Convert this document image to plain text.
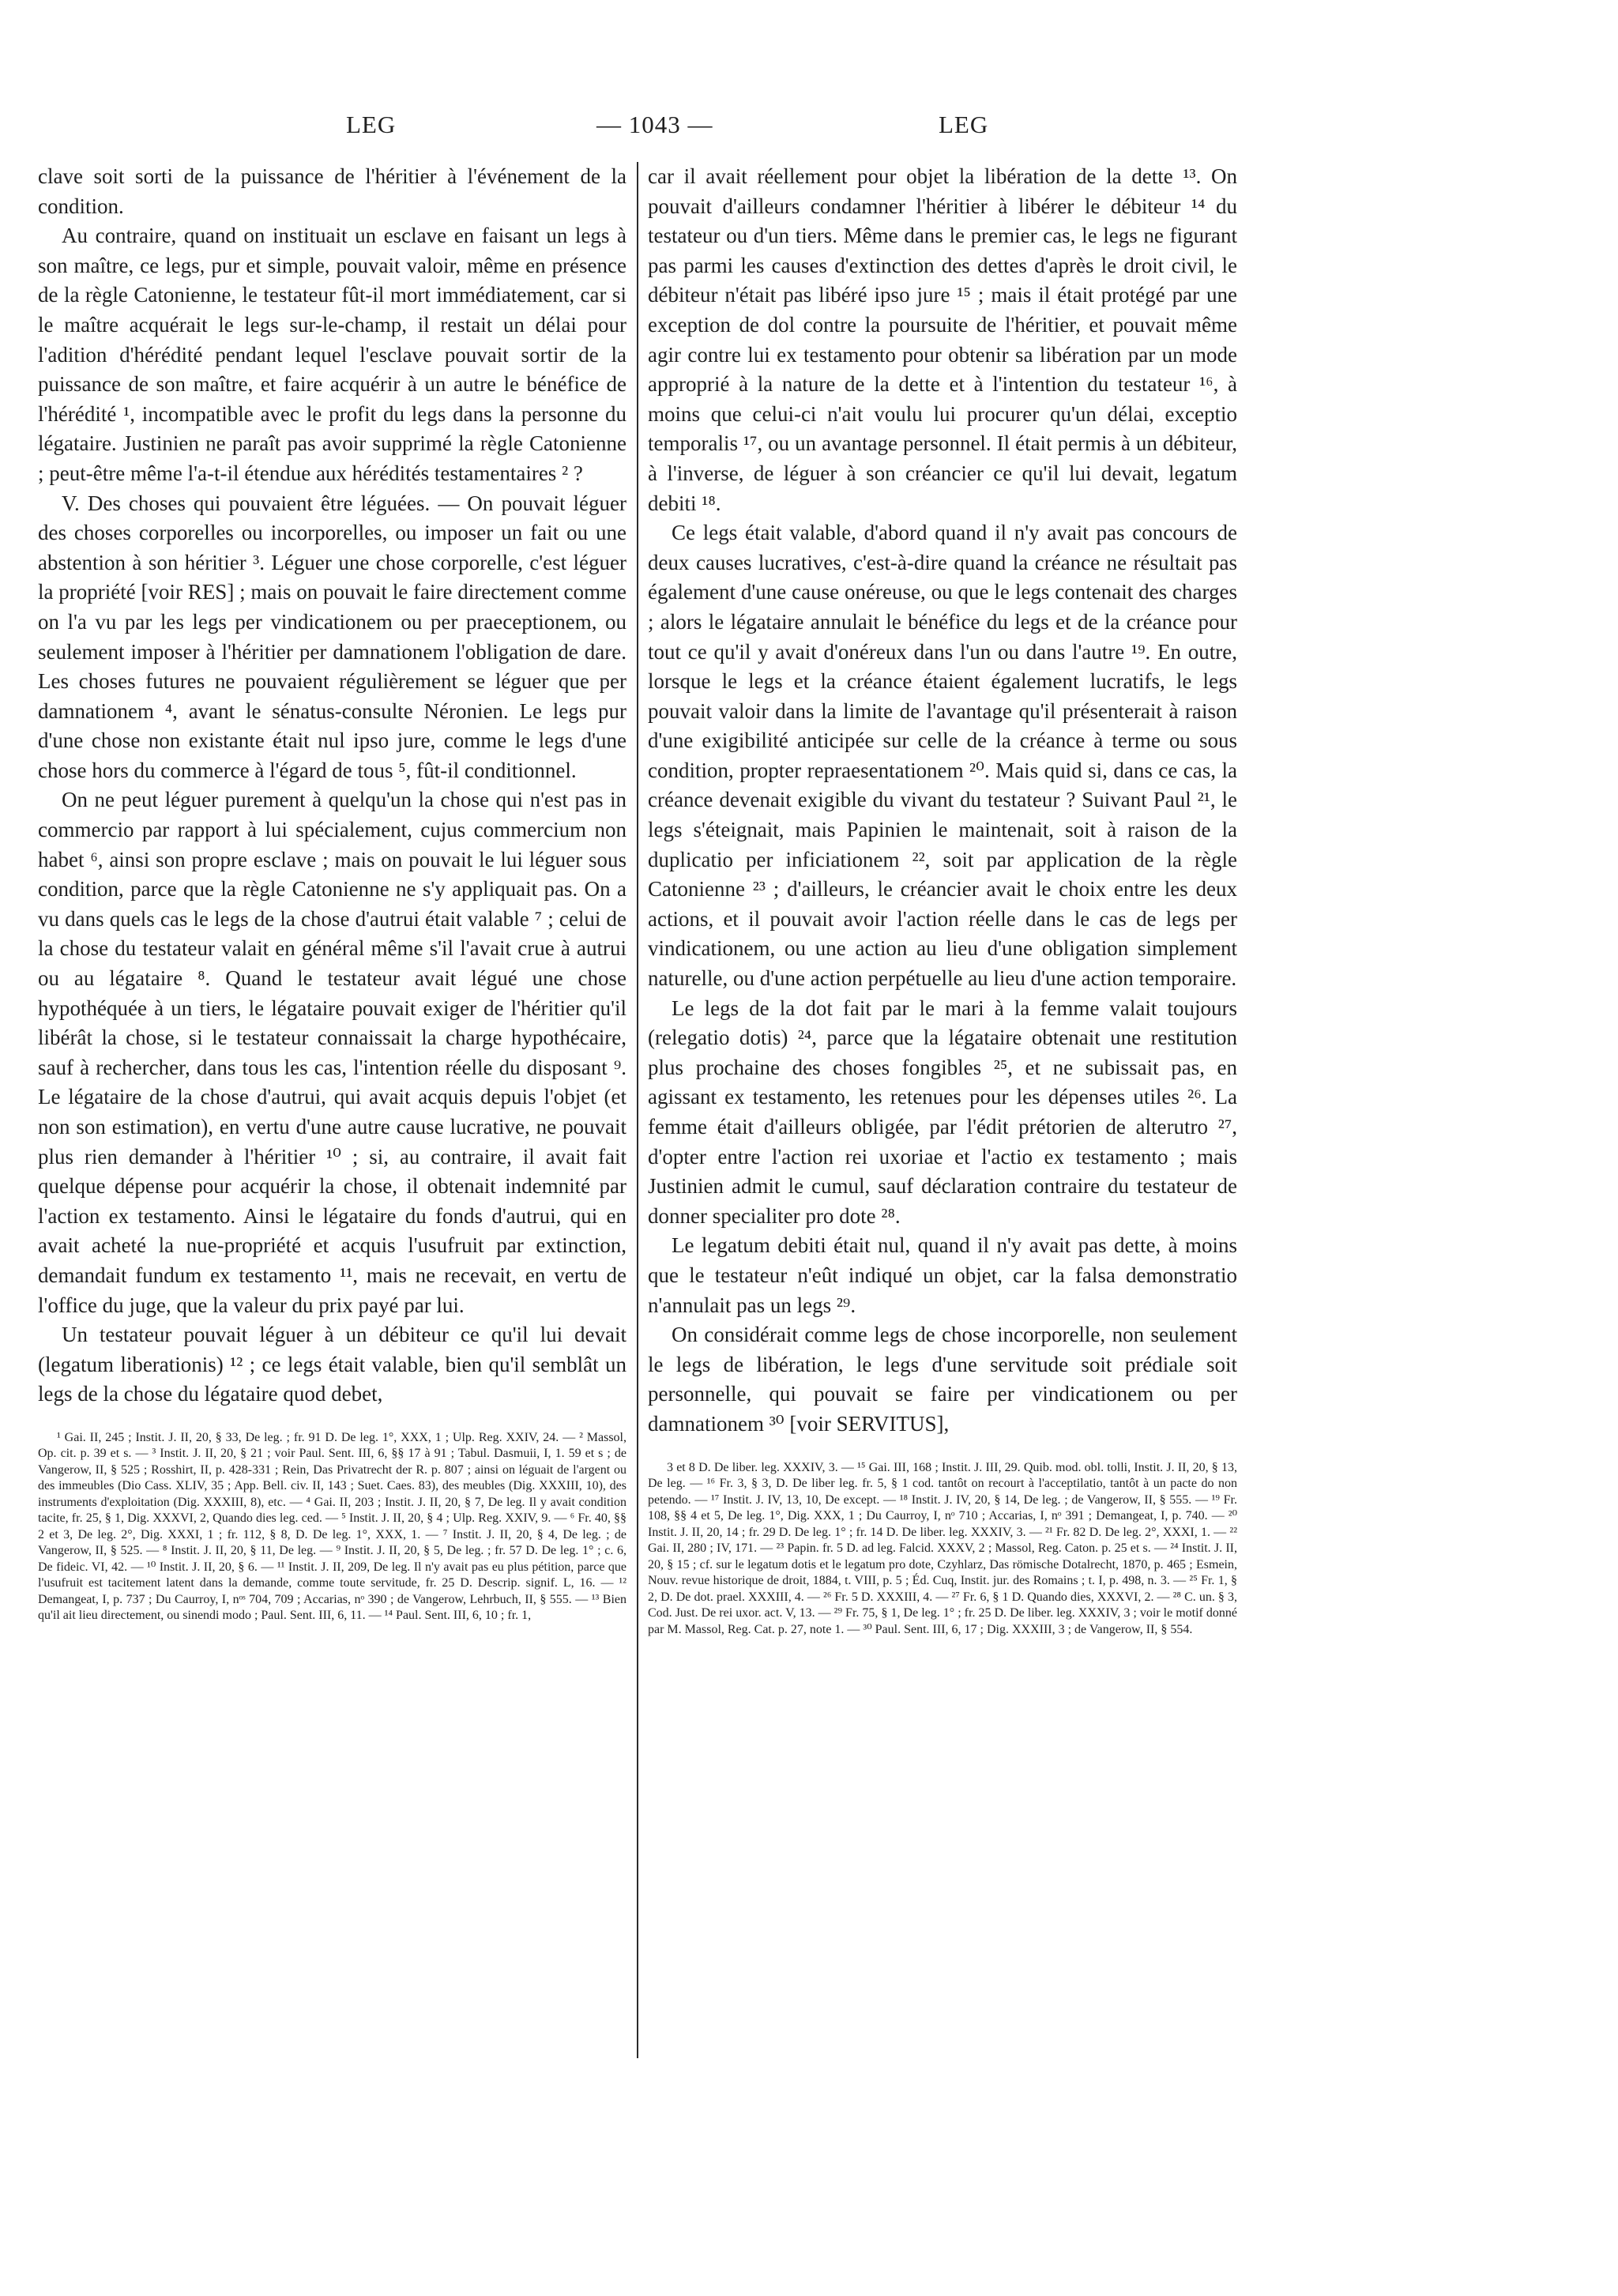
LEG	— 1043 —	LEG

clave soit sorti de la puissance de l'héritier à l'événement de la condition.

Au contraire, quand on instituait un esclave en faisant un legs à son maître, ce legs, pur et simple, pouvait valoir, même en présence de la règle Catonienne, le testateur fût-il mort immédiatement, car si le maître acquérait le legs sur-le-champ, il restait un délai pour l'adition d'hérédité pendant lequel l'esclave pouvait sortir de la puissance de son maître, et faire acquérir à un autre le bénéfice de l'hérédité ¹, incompatible avec le profit du legs dans la personne du légataire. Justinien ne paraît pas avoir supprimé la règle Catonienne ; peut-être même l'a-t-il étendue aux hérédités testamentaires ² ?

V. Des choses qui pouvaient être léguées. — On pouvait léguer des choses corporelles ou incorporelles, ou imposer un fait ou une abstention à son héritier ³. Léguer une chose corporelle, c'est léguer la propriété [voir RES] ; mais on pouvait le faire directement comme on l'a vu par les legs per vindicationem ou per praeceptionem, ou seulement imposer à l'héritier per damnationem l'obligation de dare. Les choses futures ne pouvaient régulièrement se léguer que per damnationem ⁴, avant le sénatus-consulte Néronien. Le legs pur d'une chose non existante était nul ipso jure, comme le legs d'une chose hors du commerce à l'égard de tous ⁵, fût-il conditionnel.

On ne peut léguer purement à quelqu'un la chose qui n'est pas in commercio par rapport à lui spécialement, cujus commercium non habet ⁶, ainsi son propre esclave ; mais on pouvait le lui léguer sous condition, parce que la règle Catonienne ne s'y appliquait pas. On a vu dans quels cas le legs de la chose d'autrui était valable ⁷ ; celui de la chose du testateur valait en général même s'il l'avait crue à autrui ou au légataire ⁸. Quand le testateur avait légué une chose hypothéquée à un tiers, le légataire pouvait exiger de l'héritier qu'il libérât la chose, si le testateur connaissait la charge hypothécaire, sauf à rechercher, dans tous les cas, l'intention réelle du disposant ⁹. Le légataire de la chose d'autrui, qui avait acquis depuis l'objet (et non son estimation), en vertu d'une autre cause lucrative, ne pouvait plus rien demander à l'héritier ¹⁰ ; si, au contraire, il avait fait quelque dépense pour acquérir la chose, il obtenait indemnité par l'action ex testamento. Ainsi le légataire du fonds d'autrui, qui en avait acheté la nue-propriété et acquis l'usufruit par extinction, demandait fundum ex testamento ¹¹, mais ne recevait, en vertu de l'office du juge, que la valeur du prix payé par lui.

Un testateur pouvait léguer à un débiteur ce qu'il lui devait (legatum liberationis) ¹² ; ce legs était valable, bien qu'il semblât un legs de la chose du légataire quod debet,

¹ Gai. II, 245 ; Instit. J. II, 20, § 33, De leg. ; fr. 91 D. De leg. 1°, XXX, 1 ; Ulp. Reg. XXIV, 24. — ² Massol, Op. cit. p. 39 et s. — ³ Instit. J. II, 20, § 21 ; voir Paul. Sent. III, 6, §§ 17 à 91 ; Tabul. Dasmuii, I, 1. 59 et s ; de Vangerow, II, § 525 ; Rosshirt, II, p. 428-331 ; Rein, Das Privatrecht der R. p. 807 ; ainsi on léguait de l'argent ou des immeubles (Dio Cass. XLIV, 35 ; App. Bell. civ. II, 143 ; Suet. Caes. 83), des meubles (Dig. XXXIII, 10), des instruments d'exploitation (Dig. XXXIII, 8), etc. — ⁴ Gai. II, 203 ; Instit. J. II, 20, § 7, De leg. Il y avait condition tacite, fr. 25, § 1, Dig. XXXVI, 2, Quando dies leg. ced. — ⁵ Instit. J. II, 20, § 4 ; Ulp. Reg. XXIV, 9. — ⁶ Fr. 40, §§ 2 et 3, De leg. 2°, Dig. XXXI, 1 ; fr. 112, § 8, D. De leg. 1°, XXX, 1. — ⁷ Instit. J. II, 20, § 4, De leg. ; de Vangerow, II, § 525. — ⁸ Instit. J. II, 20, § 11, De leg. — ⁹ Instit. J. II, 20, § 5, De leg. ; fr. 57 D. De leg. 1° ; c. 6, De fideic. VI, 42. — ¹⁰ Instit. J. II, 20, § 6. — ¹¹ Instit. J. II, 209, De leg. Il n'y avait pas eu plus pétition, parce que l'usufruit est tacitement latent dans la demande, comme toute servitude, fr. 25 D. Descrip. signif. L, 16. — ¹² Demangeat, I, p. 737 ; Du Caurroy, I, nᵒˢ 704, 709 ; Accarias, nᵒ 390 ; de Vangerow, Lehrbuch, II, § 555. — ¹³ Bien qu'il ait lieu directement, ou sinendi modo ; Paul. Sent. III, 6, 11. — ¹⁴ Paul. Sent. III, 6, 10 ; fr. 1,

car il avait réellement pour objet la libération de la dette ¹³. On pouvait d'ailleurs condamner l'héritier à libérer le débiteur ¹⁴ du testateur ou d'un tiers. Même dans le premier cas, le legs ne figurant pas parmi les causes d'extinction des dettes d'après le droit civil, le débiteur n'était pas libéré ipso jure ¹⁵ ; mais il était protégé par une exception de dol contre la poursuite de l'héritier, et pouvait même agir contre lui ex testamento pour obtenir sa libération par un mode approprié à la nature de la dette et à l'intention du testateur ¹⁶, à moins que celui-ci n'ait voulu lui procurer qu'un délai, exceptio temporalis ¹⁷, ou un avantage personnel. Il était permis à un débiteur, à l'inverse, de léguer à son créancier ce qu'il lui devait, legatum debiti ¹⁸.

Ce legs était valable, d'abord quand il n'y avait pas concours de deux causes lucratives, c'est-à-dire quand la créance ne résultait pas également d'une cause onéreuse, ou que le legs contenait des charges ; alors le légataire annulait le bénéfice du legs et de la créance pour tout ce qu'il y avait d'onéreux dans l'un ou dans l'autre ¹⁹. En outre, lorsque le legs et la créance étaient également lucratifs, le legs pouvait valoir dans la limite de l'avantage qu'il présenterait à raison d'une exigibilité anticipée sur celle de la créance à terme ou sous condition, propter repraesentationem ²⁰. Mais quid si, dans ce cas, la créance devenait exigible du vivant du testateur ? Suivant Paul ²¹, le legs s'éteignait, mais Papinien le maintenait, soit à raison de la duplicatio per inficiationem ²², soit par application de la règle Catonienne ²³ ; d'ailleurs, le créancier avait le choix entre les deux actions, et il pouvait avoir l'action réelle dans le cas de legs per vindicationem, ou une action au lieu d'une obligation simplement naturelle, ou d'une action perpétuelle au lieu d'une action temporaire.

Le legs de la dot fait par le mari à la femme valait toujours (relegatio dotis) ²⁴, parce que la légataire obtenait une restitution plus prochaine des choses fongibles ²⁵, et ne subissait pas, en agissant ex testamento, les retenues pour les dépenses utiles ²⁶. La femme était d'ailleurs obligée, par l'édit prétorien de alterutro ²⁷, d'opter entre l'action rei uxoriae et l'actio ex testamento ; mais Justinien admit le cumul, sauf déclaration contraire du testateur de donner specialiter pro dote ²⁸.

Le legatum debiti était nul, quand il n'y avait pas dette, à moins que le testateur n'eût indiqué un objet, car la falsa demonstratio n'annulait pas un legs ²⁹.

On considérait comme legs de chose incorporelle, non seulement le legs de libération, le legs d'une servitude soit prédiale soit personnelle, qui pouvait se faire per vindicationem ou per damnationem ³⁰ [voir SERVITUS],

3 et 8 D. De liber. leg. XXXIV, 3. — ¹⁵ Gai. III, 168 ; Instit. J. III, 29. Quib. mod. obl. tolli, Instit. J. II, 20, § 13, De leg. — ¹⁶ Fr. 3, § 3, D. De liber leg. fr. 5, § 1 cod. tantôt on recourt à l'acceptilatio, tantôt à un pacte do non petendo. — ¹⁷ Instit. J. IV, 13, 10, De except. — ¹⁸ Instit. J. IV, 20, § 14, De leg. ; de Vangerow, II, § 555. — ¹⁹ Fr. 108, §§ 4 et 5, De leg. 1°, Dig. XXX, 1 ; Du Caurroy, I, nᵒ 710 ; Accarias, I, nᵒ 391 ; Demangeat, I, p. 740. — ²⁰ Instit. J. II, 20, 14 ; fr. 29 D. De leg. 1° ; fr. 14 D. De liber. leg. XXXIV, 3. — ²¹ Fr. 82 D. De leg. 2°, XXXI, 1. — ²² Gai. II, 280 ; IV, 171. — ²³ Papin. fr. 5 D. ad leg. Falcid. XXXV, 2 ; Massol, Reg. Caton. p. 25 et s. — ²⁴ Instit. J. II, 20, § 15 ; cf. sur le legatum dotis et le legatum pro dote, Czyhlarz, Das römische Dotalrecht, 1870, p. 465 ; Esmein, Nouv. revue historique de droit, 1884, t. VIII, p. 5 ; Éd. Cuq, Instit. jur. des Romains ; t. I, p. 498, n. 3. — ²⁵ Fr. 1, § 2, D. De dot. prael. XXXIII, 4. — ²⁶ Fr. 5 D. XXXIII, 4. — ²⁷ Fr. 6, § 1 D. Quando dies, XXXVI, 2. — ²⁸ C. un. § 3, Cod. Just. De rei uxor. act. V, 13. — ²⁹ Fr. 75, § 1, De leg. 1° ; fr. 25 D. De liber. leg. XXXIV, 3 ; voir le motif donné par M. Massol, Reg. Cat. p. 27, note 1. — ³⁰ Paul. Sent. III, 6, 17 ; Dig. XXXIII, 3 ; de Vangerow, II, § 554.
